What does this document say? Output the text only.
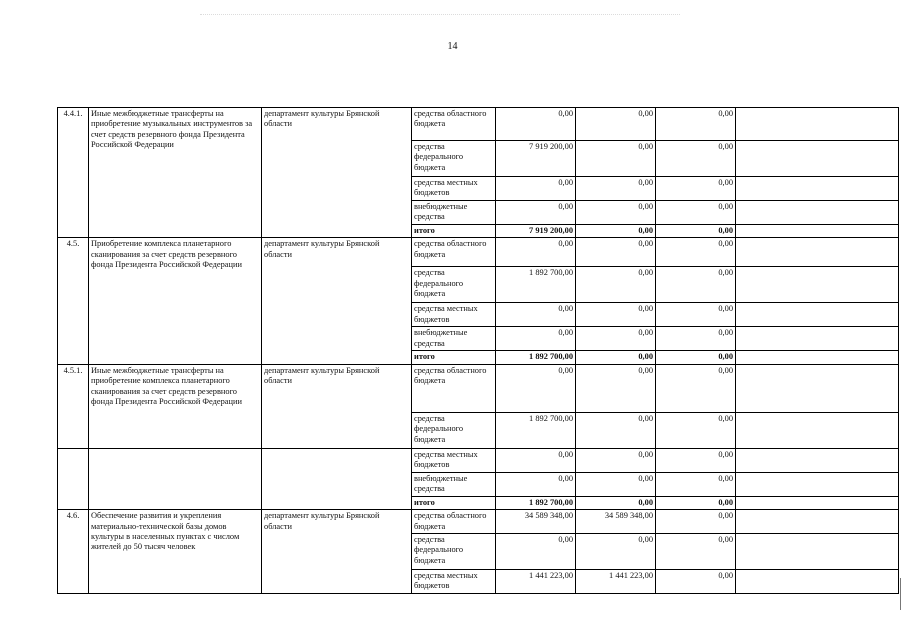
14
4.4.1.	Иные межбюджетные трансферты на приобретение музыкальных инструментов за счет средств резервного фонда Президента Российской Федерации	департамент культуры Брянской области	средства областного бюджета	0,00	0,00	0,00	
			средства федерального бюджета	7 919 200,00	0,00	0,00	
			средства местных бюджетов	0,00	0,00	0,00	
			внебюджетные средства	0,00	0,00	0,00	
			итого	7 919 200,00	0,00	0,00	
4.5.	Приобретение комплекса планетарного сканирования за счет средств резервного фонда Президента Российской Федерации	департамент культуры Брянской области	средства областного бюджета	0,00	0,00	0,00	
			средства федерального бюджета	1 892 700,00	0,00	0,00	
			средства местных бюджетов	0,00	0,00	0,00	
			внебюджетные средства	0,00	0,00	0,00	
			итого	1 892 700,00	0,00	0,00	
4.5.1.	Иные межбюджетные трансферты на приобретение комплекса планетарного сканирования за счет средств резервного фонда Президента Российской Федерации	департамент культуры Брянской области	средства областного бюджета	0,00	0,00	0,00	
			средства федерального бюджета	1 892 700,00	0,00	0,00	
			средства местных бюджетов	0,00	0,00	0,00	
			внебюджетные средства	0,00	0,00	0,00	
			итого	1 892 700,00	0,00	0,00	
4.6.	Обеспечение развития и укрепления материально-технической базы домов культуры в населенных пунктах с числом жителей до 50 тысяч человек	департамент культуры Брянской области	средства областного бюджета	34 589 348,00	34 589 348,00	0,00	
			средства федерального бюджета	0,00	0,00	0,00	
			средства местных бюджетов	1 441 223,00	1 441 223,00	0,00	
